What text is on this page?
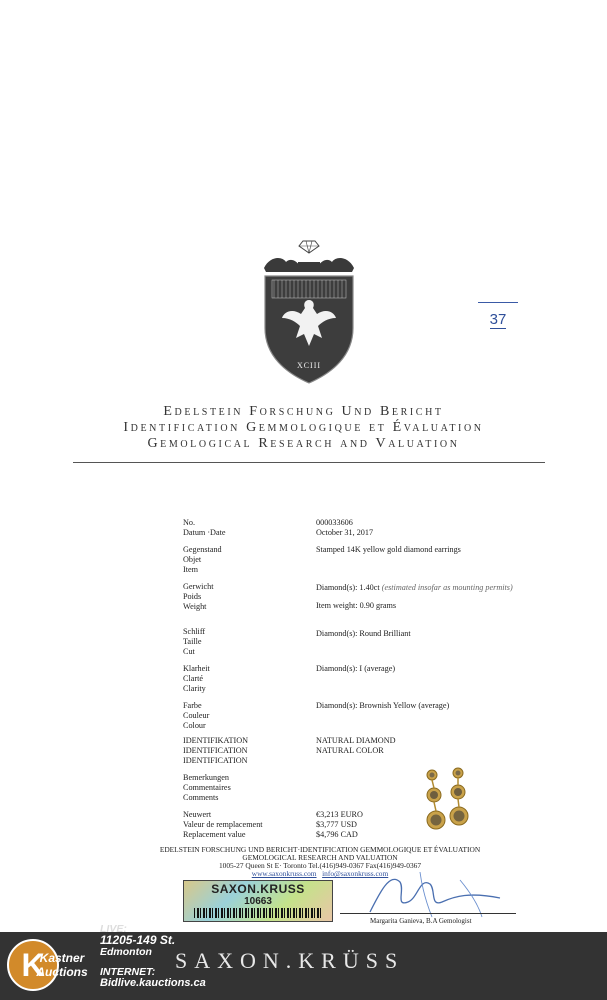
XCIII
37
Edelstein Forschung Und Bericht
Identification Gemmologique et Évaluation
Gemological Research and Valuation
No.	000033606
Datum ·Date	October 31, 2017
Gegenstand
Objet
Item
Stamped 14K yellow gold diamond earrings
Gerwicht
Poids
Weight
Diamond(s): 1.40ct (estimated insofar as mounting permits)
Item weight: 0.90 grams
Schliff
Taille
Cut
Diamond(s): Round Brilliant
Klarheit
Clarté
Clarity
Diamond(s): I (average)
Farbe
Couleur
Colour
Diamond(s): Brownish Yellow (average)
IDENTIFIKATION
IDENTIFICATION
IDENTIFICATION
NATURAL DIAMOND
NATURAL COLOR
Bemerkungen
Commentaires
Comments
Neuwert
Valeur de remplacement
Replacement value
€3,213 EURO
$3,777 USD
$4,796 CAD
EDELSTEIN FORSCHUNG UND BERICHT·IDENTIFICATION GEMMOLOGIQUE ET ÉVALUATION
GEMOLOGICAL RESEARCH AND VALUATION
1005-27 Queen St E· Toronto Tel.(416)949-0367 Fax(416)949-0367
www.saxonkruss.com info@saxonkruss.com
SAXON.KRUSS
10663
Margarita Ganieva, B.A Gemologist
SAXON.KRÜSS
K
Kastner
Auctions
LIVE:
11205-149 St.
Edmonton
INTERNET:
Bidlive.kauctions.ca
